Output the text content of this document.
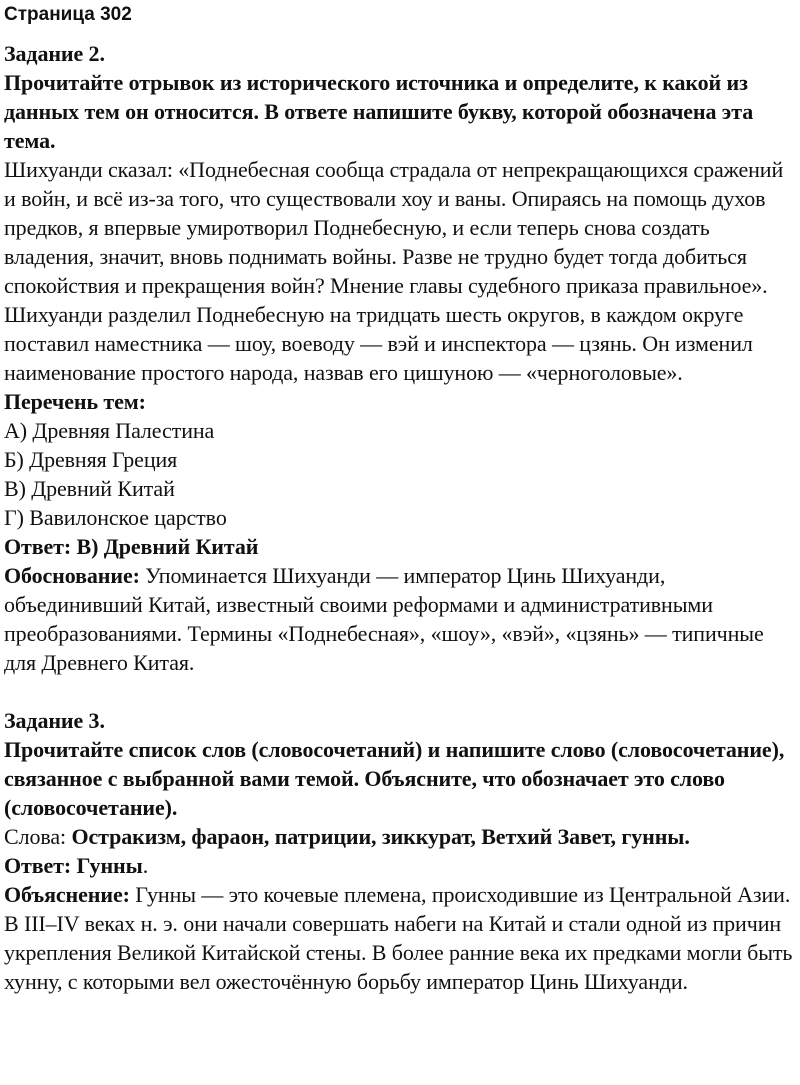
Страница 302

Задание 2.

Прочитайте отрывок из исторического источника и определите, к какой из данных тем он относится. В ответе напишите букву, которой обозначена эта тема.

Шихуанди сказал: «Поднебесная сообща страдала от непрекращающихся сражений и войн, и всё из-за того, что существовали хоу и ваны. Опираясь на помощь духов предков, я впервые умиротворил Поднебесную, и если теперь снова создать владения, значит, вновь поднимать войны. Разве не трудно будет тогда добиться спокойствия и прекращения войн? Мнение главы судебного приказа правильное».

Шихуанди разделил Поднебесную на тридцать шесть округов, в каждом округе поставил наместника — шоу, воеводу — вэй и инспектора — цзянь. Он изменил наименование простого народа, назвав его цишуною — «черноголовые».

Перечень тем:

А) Древняя Палестина

Б) Древняя Греция

В) Древний Китай

Г) Вавилонское царство

Ответ: В) Древний Китай

Обоснование: Упоминается Шихуанди — император Цинь Шихуанди, объединивший Китай, известный своими реформами и административными преобразованиями. Термины «Поднебесная», «шоу», «вэй», «цзянь» — типичные для Древнего Китая.

Задание 3.

Прочитайте список слов (словосочетаний) и напишите слово (словосочетание), связанное с выбранной вами темой. Объясните, что обозначает это слово (словосочетание).

Слова: Остракизм, фараон, патриции, зиккурат, Ветхий Завет, гунны.

Ответ: Гунны.

Объяснение: Гунны — это кочевые племена, происходившие из Центральной Азии. В III–IV веках н. э. они начали совершать набеги на Китай и стали одной из причин укрепления Великой Китайской стены. В более ранние века их предками могли быть хунну, с которыми вел ожесточённую борьбу император Цинь Шихуанди.
